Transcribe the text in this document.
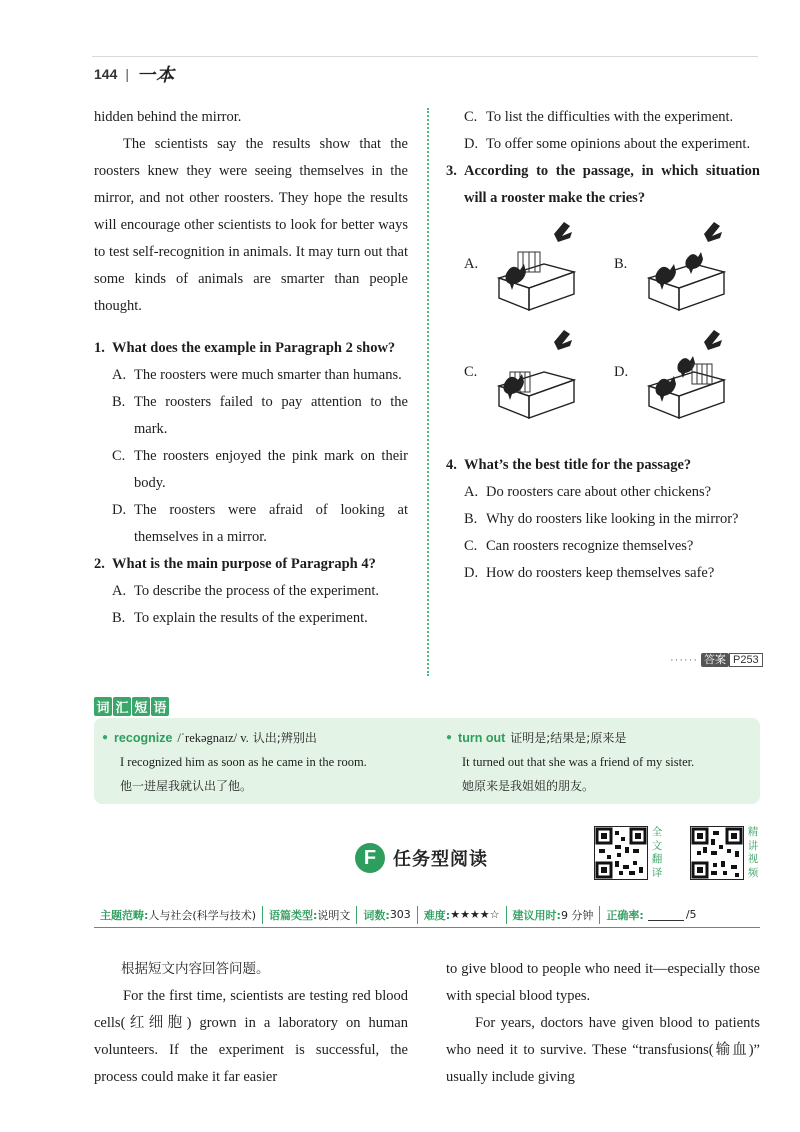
144 | 一本

hidden behind the mirror.

The scientists say the results show that the roosters knew they were seeing themselves in the mirror, and not other roosters. They hope the results will encourage other scientists to look for better ways to test self-recognition in animals. It may turn out that some kinds of animals are smarter than people thought.

1. What does the example in Paragraph 2 show?
A. The roosters were much smarter than humans.
B. The roosters failed to pay attention to the mark.
C. The roosters enjoyed the pink mark on their body.
D. The roosters were afraid of looking at themselves in a mirror.
2. What is the main purpose of Paragraph 4?
A. To describe the process of the experiment.
B. To explain the results of the experiment.
C. To list the difficulties with the experiment.
D. To offer some opinions about the experiment.
3. According to the passage, in which situation will a rooster make the cries?
A.	B.
C.	D.
4. What’s the best title for the passage?
A. Do roosters care about other chickens?
B. Why do roosters like looking in the mirror?
C. Can roosters recognize themselves?
D. How do roosters keep themselves safe?
······ 答案 P253
词 汇 短 语
● recognize /ˈrekəgnaɪz/ v. 认出;辨别出
I recognized him as soon as he came in the room.
他一进屋我就认出了他。
● turn out 证明是;结果是;原来是
It turned out that she was a friend of my sister.
她原来是我姐姐的朋友。
F 任务型阅读
全
文
翻
译
精
讲
视
频
主题范畴: 人与社会(科学与技术) 语篇类型: 说明文 词数: 303 难度: ★★★★☆ 建议用时: 9 分钟 正确率:	/5

根据短文内容回答问题。

For the first time, scientists are testing red blood cells(红细胞) grown in a laboratory on human volunteers. If the experiment is successful, the process could make it far easier

to give blood to people who need it—especially those with special blood types.

For years, doctors have given blood to patients who need it to survive. These “transfusions(输血)” usually include giving
